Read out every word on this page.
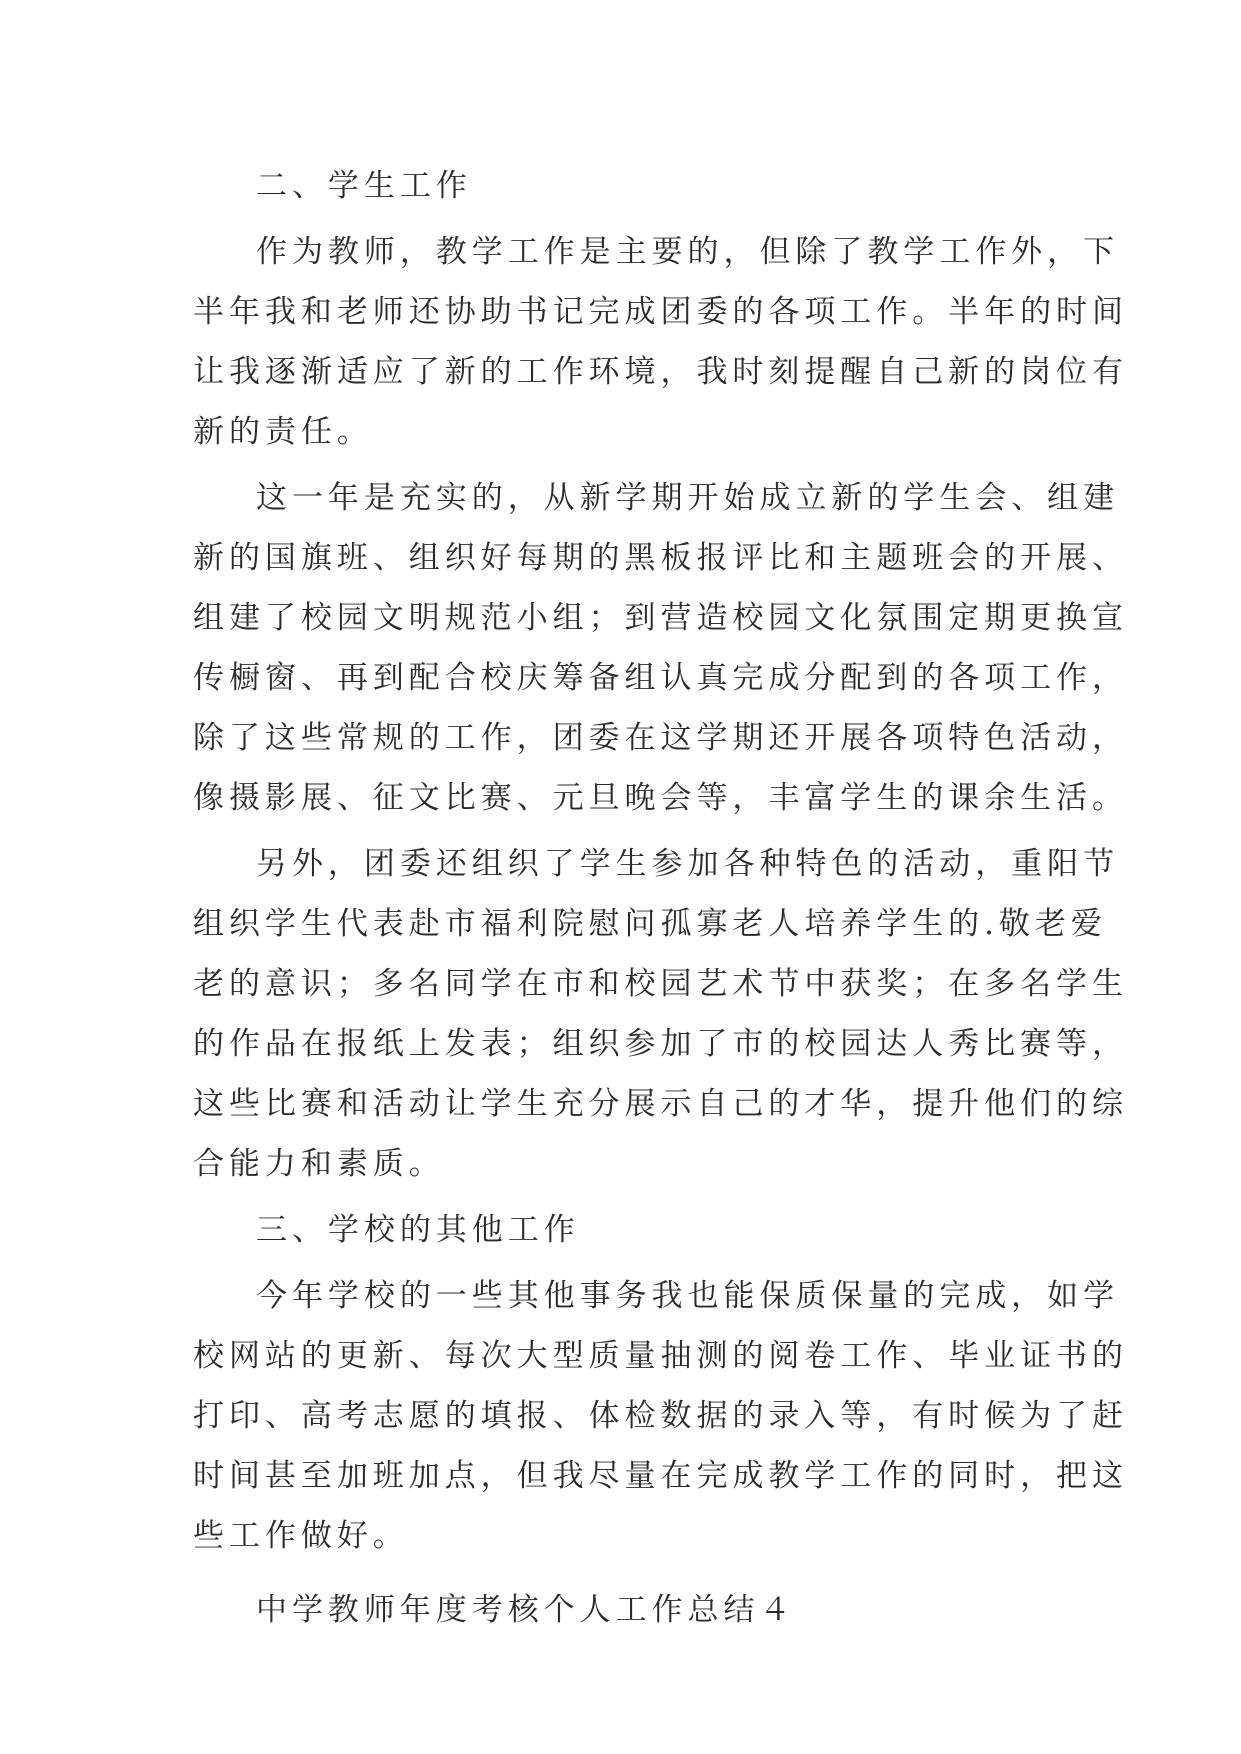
二、学生工作
作为教师，教学工作是主要的，但除了教学工作外，下
半年我和老师还协助书记完成团委的各项工作。半年的时间
让我逐渐适应了新的工作环境，我时刻提醒自己新的岗位有
新的责任。
这一年是充实的，从新学期开始成立新的学生会、组建
新的国旗班、组织好每期的黑板报评比和主题班会的开展、
组建了校园文明规范小组；到营造校园文化氛围定期更换宣
传橱窗、再到配合校庆筹备组认真完成分配到的各项工作，
除了这些常规的工作，团委在这学期还开展各项特色活动，
像摄影展、征文比赛、元旦晚会等，丰富学生的课余生活。
另外，团委还组织了学生参加各种特色的活动，重阳节
组织学生代表赴市福利院慰问孤寡老人培养学生的.敬老爱
老的意识；多名同学在市和校园艺术节中获奖；在多名学生
的作品在报纸上发表；组织参加了市的校园达人秀比赛等，
这些比赛和活动让学生充分展示自己的才华，提升他们的综
合能力和素质。
三、学校的其他工作
今年学校的一些其他事务我也能保质保量的完成，如学
校网站的更新、每次大型质量抽测的阅卷工作、毕业证书的
打印、高考志愿的填报、体检数据的录入等，有时候为了赶
时间甚至加班加点，但我尽量在完成教学工作的同时，把这
些工作做好。
中学教师年度考核个人工作总结４
